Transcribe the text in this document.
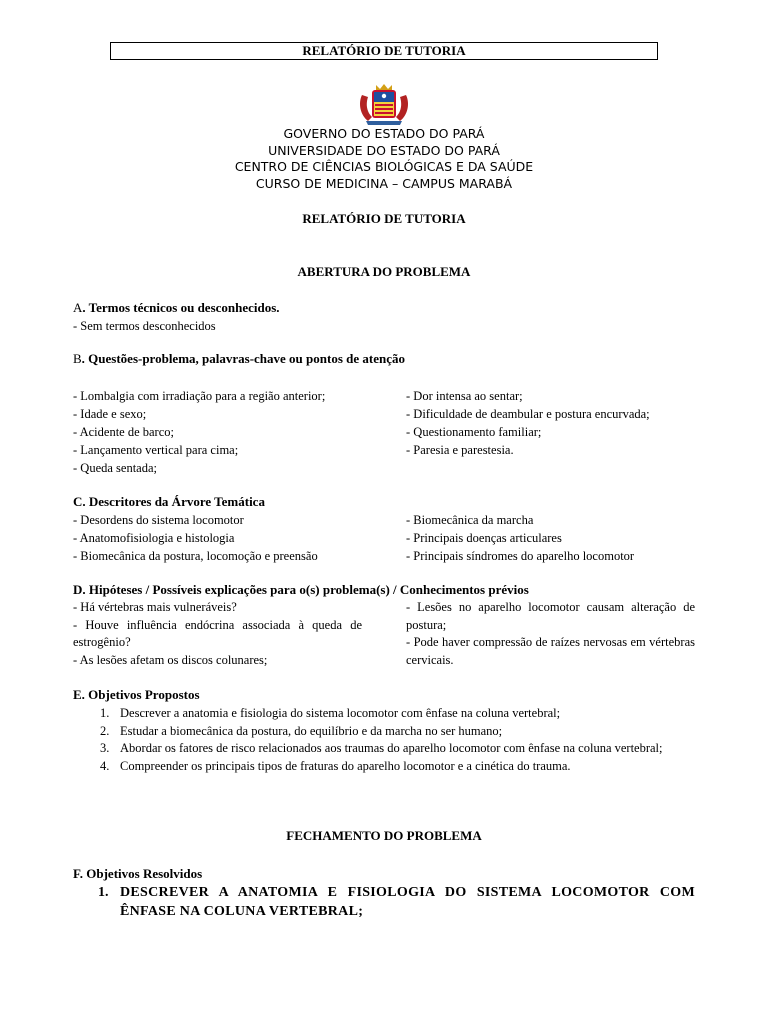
RELATÓRIO DE TUTORIA
GOVERNO DO ESTADO DO PARÁ
UNIVERSIDADE DO ESTADO DO PARÁ
CENTRO DE CIÊNCIAS BIOLÓGICAS E DA SAÚDE
CURSO DE MEDICINA – CAMPUS MARABÁ
RELATÓRIO DE TUTORIA
ABERTURA DO PROBLEMA
A. Termos técnicos ou desconhecidos.
- Sem termos desconhecidos
B. Questões-problema, palavras-chave ou pontos de atenção
- Lombalgia com irradiação para a região anterior;
- Idade e sexo;
- Acidente de barco;
- Lançamento vertical para cima;
- Queda sentada;
- Dor intensa ao sentar;
- Dificuldade de deambular e postura encurvada;
- Questionamento familiar;
- Paresia e parestesia.
C. Descritores da Árvore Temática
- Desordens do sistema locomotor
- Anatomofisiologia e histologia
- Biomecânica da postura, locomoção e preensão
- Biomecânica da marcha
- Principais doenças articulares
- Principais síndromes do aparelho locomotor
D. Hipóteses / Possíveis explicações para o(s) problema(s) / Conhecimentos prévios
- Há vértebras mais vulneráveis?
- Houve influência endócrina associada à queda de estrogênio?
- As lesões afetam os discos colunares;
- Lesões no aparelho locomotor causam alteração de postura;
- Pode haver compressão de raízes nervosas em vértebras cervicais.
E. Objetivos Propostos
1. Descrever a anatomia e fisiologia do sistema locomotor com ênfase na coluna vertebral;
2. Estudar a biomecânica da postura, do equilíbrio e da marcha no ser humano;
3. Abordar os fatores de risco relacionados aos traumas do aparelho locomotor com ênfase na coluna vertebral;
4. Compreender os principais tipos de fraturas do aparelho locomotor e a cinética do trauma.
FECHAMENTO DO PROBLEMA
F. Objetivos Resolvidos
1. DESCREVER A ANATOMIA E FISIOLOGIA DO SISTEMA LOCOMOTOR COM ÊNFASE NA COLUNA VERTEBRAL;
